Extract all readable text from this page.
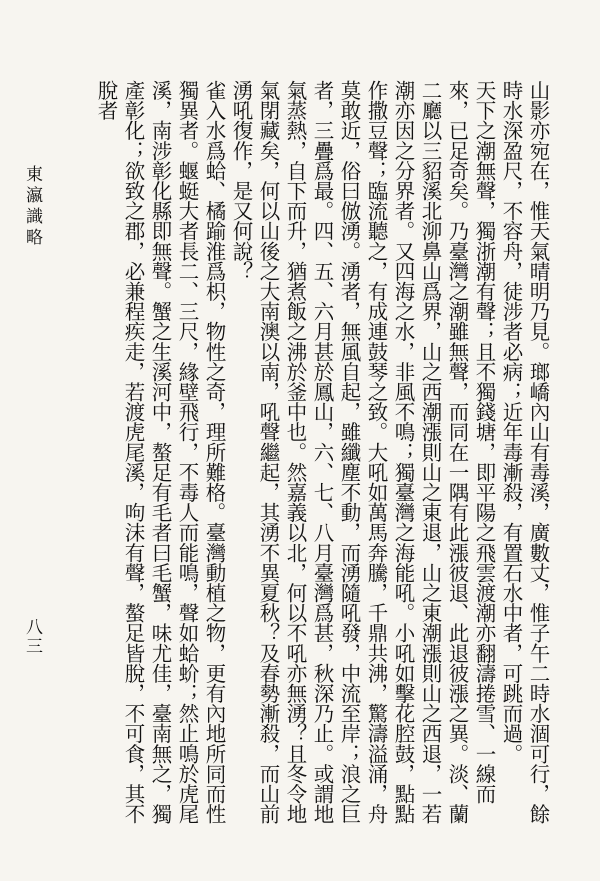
東瀛識略
八三	山影亦宛在，惟天氣晴明乃見。瑯嶠內山有毒溪，廣數丈，惟子午二時水涸可行，餘時水深盈尺，不容舟，徒涉者必病；近年毒漸殺，有置石水中者，可跳而過。

天下之潮無聲，獨浙潮有聲；且不獨錢塘，即平陽之飛雲渡潮亦翻濤捲雪、一線而來，已足奇矣。乃臺灣之潮雖無聲，而同在一隅有此漲彼退、此退彼漲之異。淡、蘭二廳以三貂溪北泖鼻山爲界，山之西潮漲則山之東退，山之東潮漲則山之西退，一若潮亦因之分界者。又四海之水，非風不鳴；獨臺灣之海能吼。小吼如擊花腔鼓，點點作撒豆聲；臨流聽之，有成連鼓琴之致。大吼如萬馬奔騰，千鼎共沸，驚濤溢涌，舟莫敢近，俗曰倣湧。湧者，無風自起，雖纖塵不動，而湧隨吼發，中流至岸；浪之巨者，三疊爲最。四、五、六月甚於鳳山，六、七、八月臺灣爲甚，秋深乃止。或謂地氣蒸熱，自下而升，猶煮飯之沸於釜中也。然嘉義以北，何以不吼亦無湧？且冬令地氣閉藏矣，何以山後之大南澳以南，吼聲繼起，其湧不異夏秋？及春勢漸殺，而山前湧吼復作，是又何說？

雀入水爲蛤、橘踰淮爲枳，物性之奇，理所難格。臺灣動植之物，更有內地所同而性獨異者。蝘蜓大者長二、三尺，緣壁飛行，不毒人而能鳴，聲如蛤蚧；然止鳴於虎尾溪，南涉彰化縣即無聲。蟹之生溪河中，螯足有毛者曰毛蟹，味尤佳，臺南無之，獨產彰化；欲致之郡，必兼程疾走，若渡虎尾溪，呴沫有聲，螯足皆脫，不可食，其不脫者
